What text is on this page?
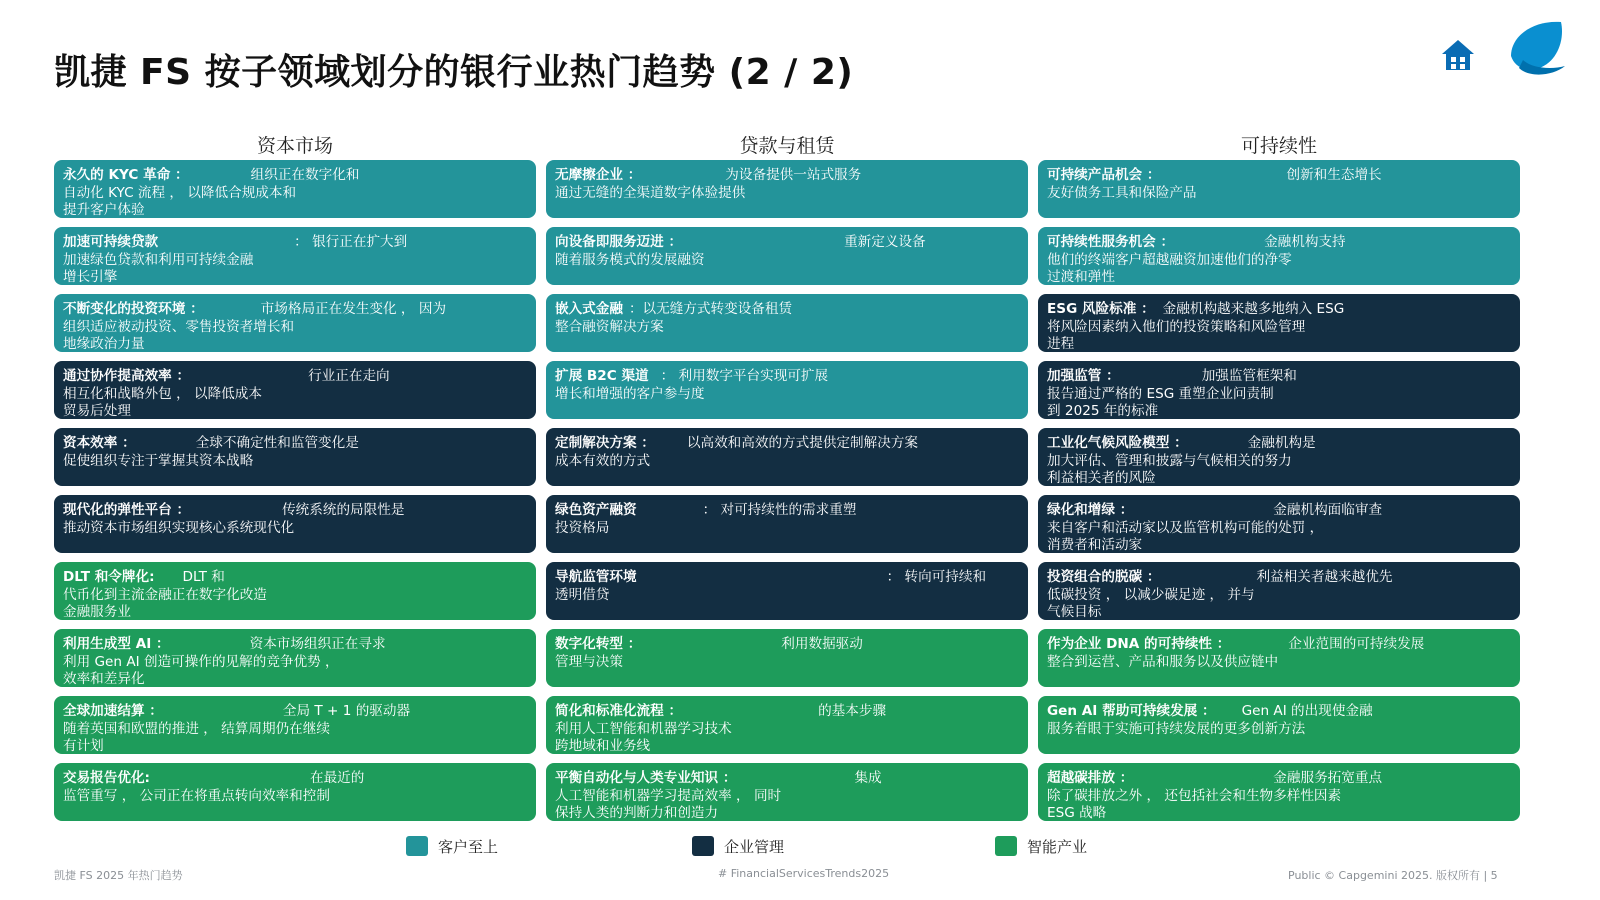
凯捷 FS 按子领域划分的银行业热门趋势 (2 / 2)
资本市场	贷款与租赁	可持续性
永久的 KYC 革命 ：	组织正在数字化和
自动化 KYC 流程 ， 以降低合规成本和
提升客户体验
加速可持续贷款	： 银行正在扩大到
加速绿色贷款和利用可持续金融
增长引擎
不断变化的投资环境 ：	市场格局正在发生变化 ， 因为
组织适应被动投资、零售投资者增长和
地缘政治力量
通过协作提高效率 ：	行业正在走向
相互化和战略外包 ， 以降低成本
贸易后处理
资本效率 ：	全球不确定性和监管变化是
促使组织专注于掌握其资本战略
现代化的弹性平台 ：	传统系统的局限性是
推动资本市场组织实现核心系统现代化
DLT 和令牌化: DLT 和
代币化到主流金融正在数字化改造
金融服务业
利用生成型 AI ：	资本市场组织正在寻求
利用 Gen AI 创造可操作的见解的竞争优势 ，
效率和差异化
全球加速结算 ：	全局 T + 1 的驱动器
随着英国和欧盟的推进 ， 结算周期仍在继续
有计划
交易报告优化:	在最近的
监管重写 ， 公司正在将重点转向效率和控制
无摩擦企业 ：	为设备提供一站式服务
通过无缝的全渠道数字体验提供
向设备即服务迈进 ：	重新定义设备
随着服务模式的发展融资
嵌入式金融 ：以无缝方式转变设备租赁
整合融资解决方案
扩展 B2C 渠道 ： 利用数字平台实现可扩展
增长和增强的客户参与度
定制解决方案 ： 以高效和高效的方式提供定制解决方案
成本有效的方式
绿色资产融资	： 对可持续性的需求重塑
投资格局
导航监管环境	： 转向可持续和
透明借贷
数字化转型 ：	利用数据驱动
管理与决策
简化和标准化流程 ：	的基本步骤
利用人工智能和机器学习技术
跨地域和业务线
平衡自动化与人类专业知识 ：	集成
人工智能和机器学习提高效率 ， 同时
保持人类的判断力和创造力
可持续产品机会 ：	创新和生态增长
友好债务工具和保险产品
可持续性服务机会 ：	金融机构支持
他们的终端客户超越融资加速他们的净零
过渡和弹性
ESG 风险标准 ： 金融机构越来越多地纳入 ESG
将风险因素纳入他们的投资策略和风险管理
进程
加强监管 ：	加强监管框架和
报告通过严格的 ESG 重塑企业问责制
到 2025 年的标准
工业化气候风险模型 ：	金融机构是
加大评估、管理和披露与气候相关的努力
利益相关者的风险
绿化和增绿 ：	金融机构面临审查
来自客户和活动家以及监管机构可能的处罚 ，
消费者和活动家
投资组合的脱碳 ：	利益相关者越来越优先
低碳投资 ， 以减少碳足迹 ， 并与
气候目标
作为企业 DNA 的可持续性 ：	企业范围的可持续发展
整合到运营、产品和服务以及供应链中
Gen AI 帮助可持续发展 ： Gen AI 的出现使金融
服务着眼于实施可持续发展的更多创新方法
超越碳排放 ：	金融服务拓宽重点
除了碳排放之外 ， 还包括社会和生物多样性因素
ESG 战略
客户至上	企业管理	智能产业
凯捷 FS 2025 年热门趋势	# FinancialServicesTrends2025	Public © Capgemini 2025. 版权所有 | 5
